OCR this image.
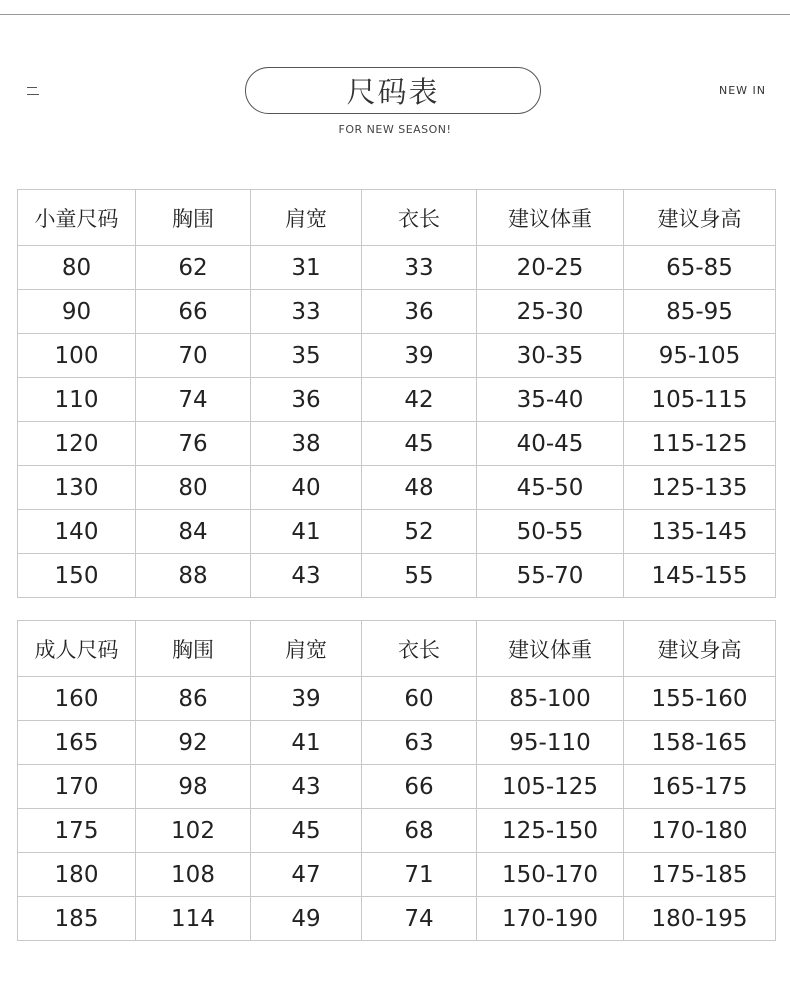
尺码表	NEW IN
FOR NEW SEASON!
小童尺码	胸围	肩宽	衣长	建议体重	建议身高
80	62	31	33	20-25	65-85
90	66	33	36	25-30	85-95
100	70	35	39	30-35	95-105
110	74	36	42	35-40	105-115
120	76	38	45	40-45	115-125
130	80	40	48	45-50	125-135
140	84	41	52	50-55	135-145
150	88	43	55	55-70	145-155
成人尺码	胸围	肩宽	衣长	建议体重	建议身高
160	86	39	60	85-100	155-160
165	92	41	63	95-110	158-165
170	98	43	66	105-125	165-175
175	102	45	68	125-150	170-180
180	108	47	71	150-170	175-185
185	114	49	74	170-190	180-195
